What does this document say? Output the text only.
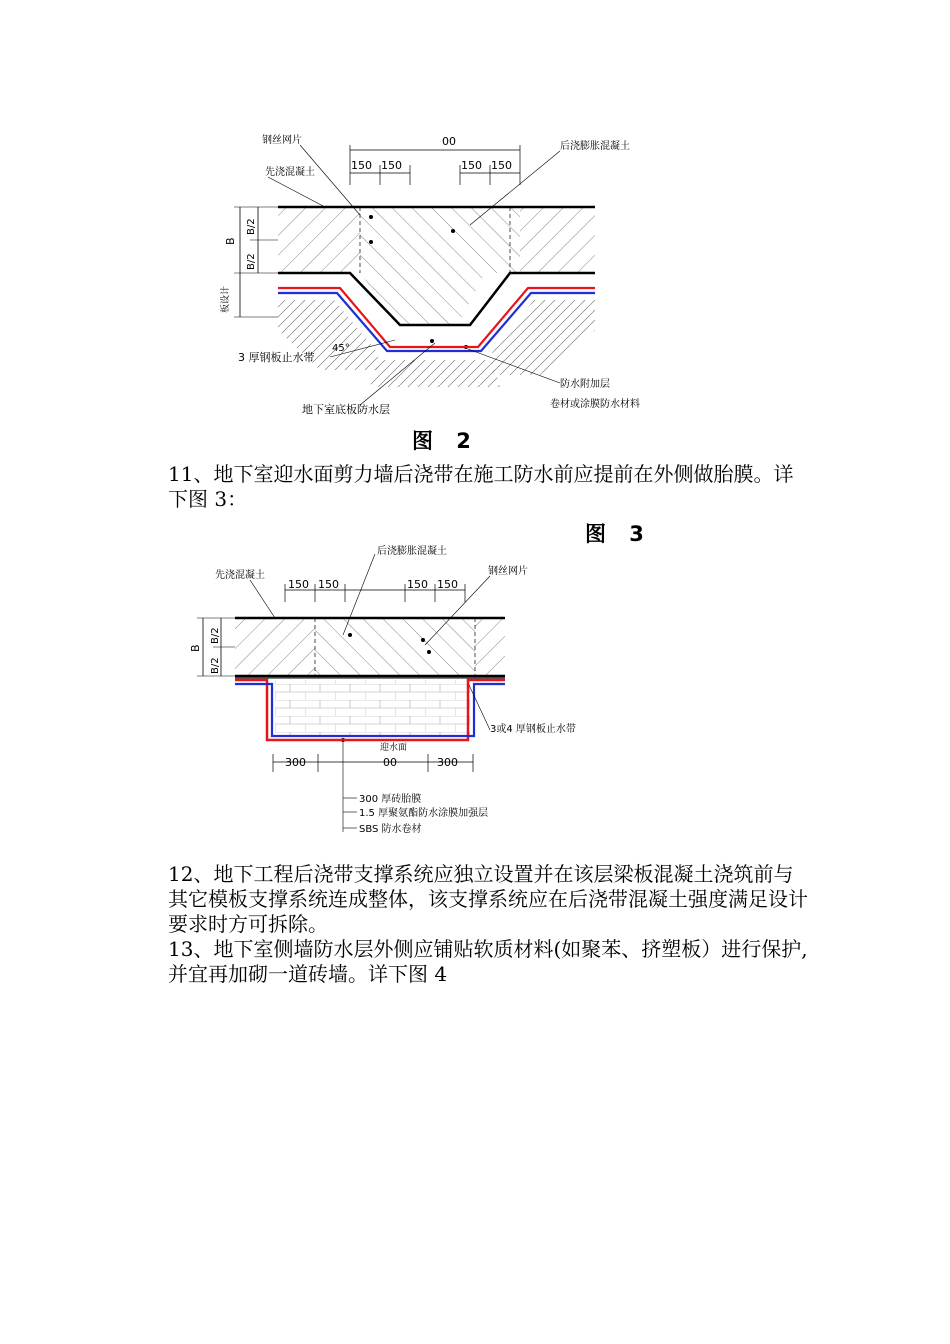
钢丝网片	00
150 150	150 150
后浇膨胀混凝土
先浇混凝土
B
B/2
B/2
板设计
3 厚钢板止水带
45°
地下室底板防水层
防水附加层
卷材或涂膜防水材料
图 2

11、地下室迎水面剪力墙后浇带在施工防水前应提前在外侧做胎膜。详下图 3：

图 3
后浇膨胀混凝土
先浇混凝土	钢丝网片
150 150	150 150
B
B/2
B/2
3或4 厚钢板止水带
迎水面
300	00	300
300 厚砖胎膜
1.5 厚聚氨酯防水涂膜加强层
SBS 防水卷材

12、地下工程后浇带支撑系统应独立设置并在该层梁板混凝土浇筑前与其它模板支撑系统连成整体，该支撑系统应在后浇带混凝土强度满足设计要求时方可拆除。

13、地下室侧墙防水层外侧应铺贴软质材料(如聚苯、挤塑板）进行保护,并宜再加砌一道砖墙。详下图 4
